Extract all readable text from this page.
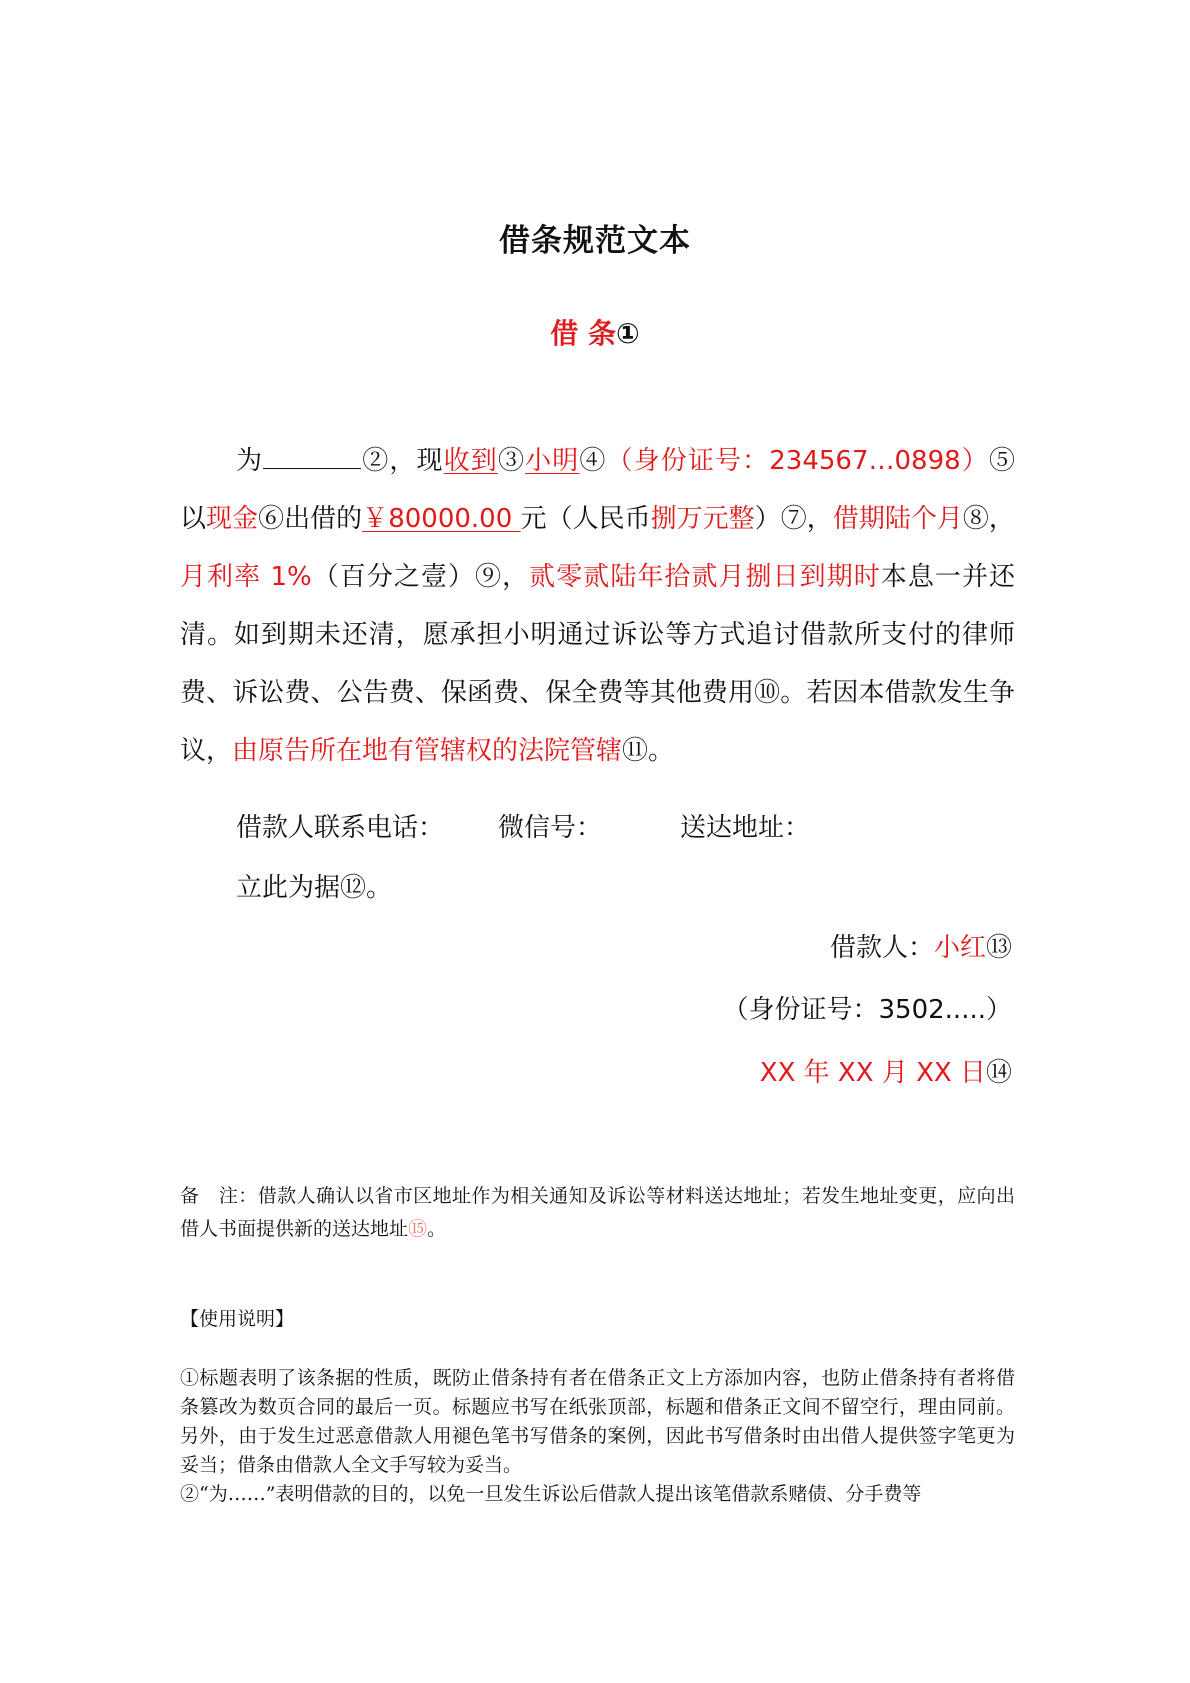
借条规范文本
借 条①

为	②，现收到③小明④（身份证号：234567…0898）⑤以现金⑥出借的￥80000.00 元（人民币捌万元整）⑦，借期陆个月⑧，月利率 1%（百分之壹）⑨，贰零贰陆年拾贰月捌日到期时本息一并还清。如到期未还清，愿承担小明通过诉讼等方式追讨借款所支付的律师费、诉讼费、公告费、保函费、保全费等其他费用⑩。若因本借款发生争议，由原告所在地有管辖权的法院管辖⑪。

借款人联系电话： 微信号：	送达地址：
立此为据⑫。
借款人：小红⑬
（身份证号：3502.....）
XX 年 XX 月 XX 日⑭

备　注：借款人确认以省市区地址作为相关通知及诉讼等材料送达地址；若发生地址变更，应向出借人书面提供新的送达地址⑮。

【使用说明】

①标题表明了该条据的性质，既防止借条持有者在借条正文上方添加内容，也防止借条持有者将借条篡改为数页合同的最后一页。标题应书写在纸张顶部，标题和借条正文间不留空行，理由同前。另外，由于发生过恶意借款人用褪色笔书写借条的案例，因此书写借条时由出借人提供签字笔更为妥当；借条由借款人全文手写较为妥当。

②“为……”表明借款的目的，以免一旦发生诉讼后借款人提出该笔借款系赌债、分手费等
